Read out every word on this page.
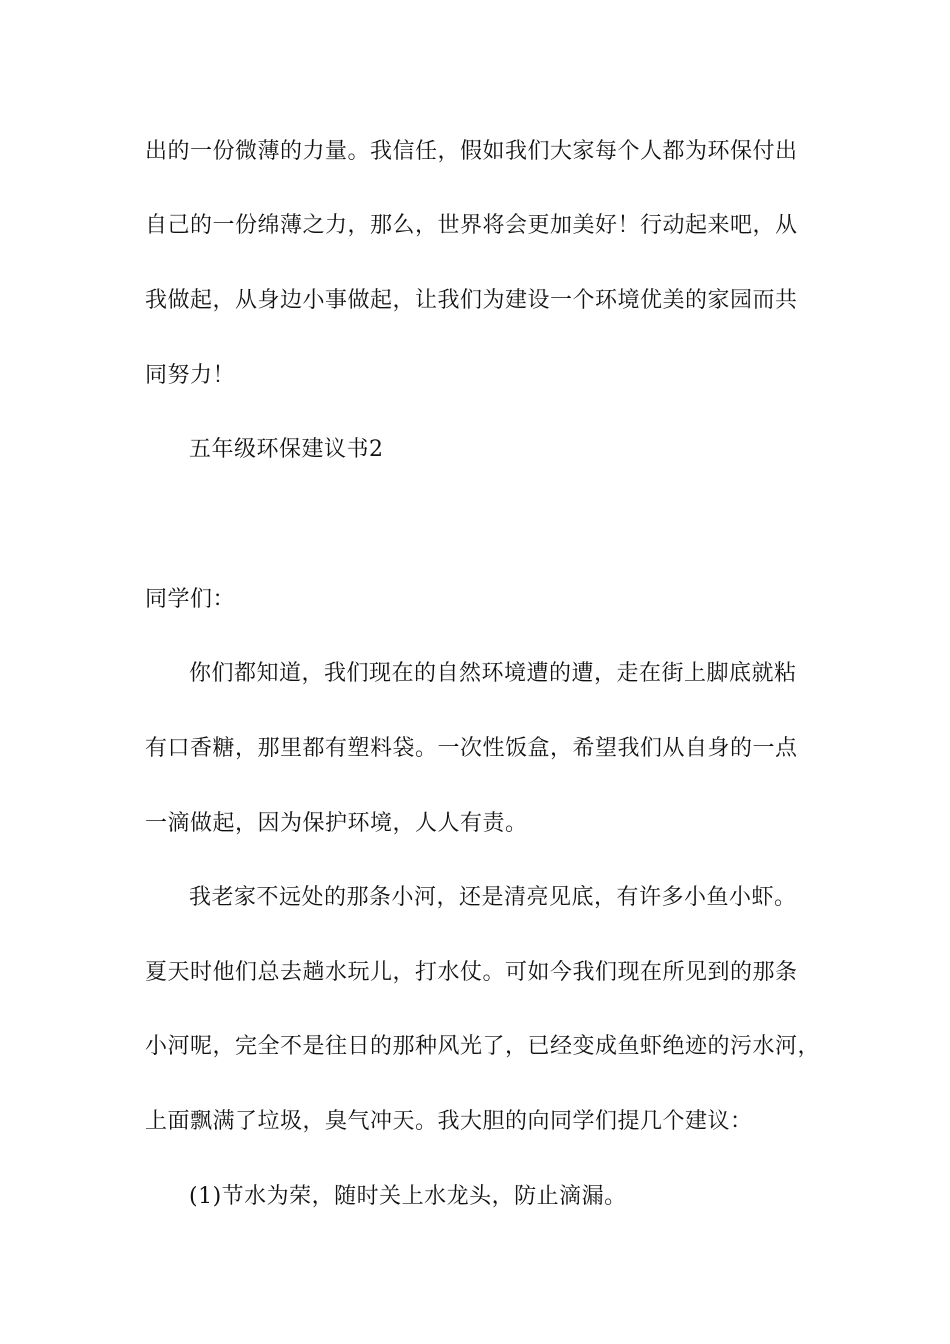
出的一份微薄的力量。我信任，假如我们大家每个人都为环保付出
自己的一份绵薄之力，那么，世界将会更加美好！行动起来吧，从
我做起，从身边小事做起，让我们为建设一个环境优美的家园而共
同努力！
五年级环保建议书2
同学们：
你们都知道，我们现在的自然环境遭的遭，走在街上脚底就粘
有口香糖，那里都有塑料袋。一次性饭盒，希望我们从自身的一点
一滴做起，因为保护环境，人人有责。
我老家不远处的那条小河，还是清亮见底，有许多小鱼小虾。
夏天时他们总去趟水玩儿，打水仗。可如今我们现在所见到的那条
小河呢，完全不是往日的那种风光了，已经变成鱼虾绝迹的污水河，
上面飘满了垃圾，臭气冲天。我大胆的向同学们提几个建议：
(1)节水为荣，随时关上水龙头，防止滴漏。
